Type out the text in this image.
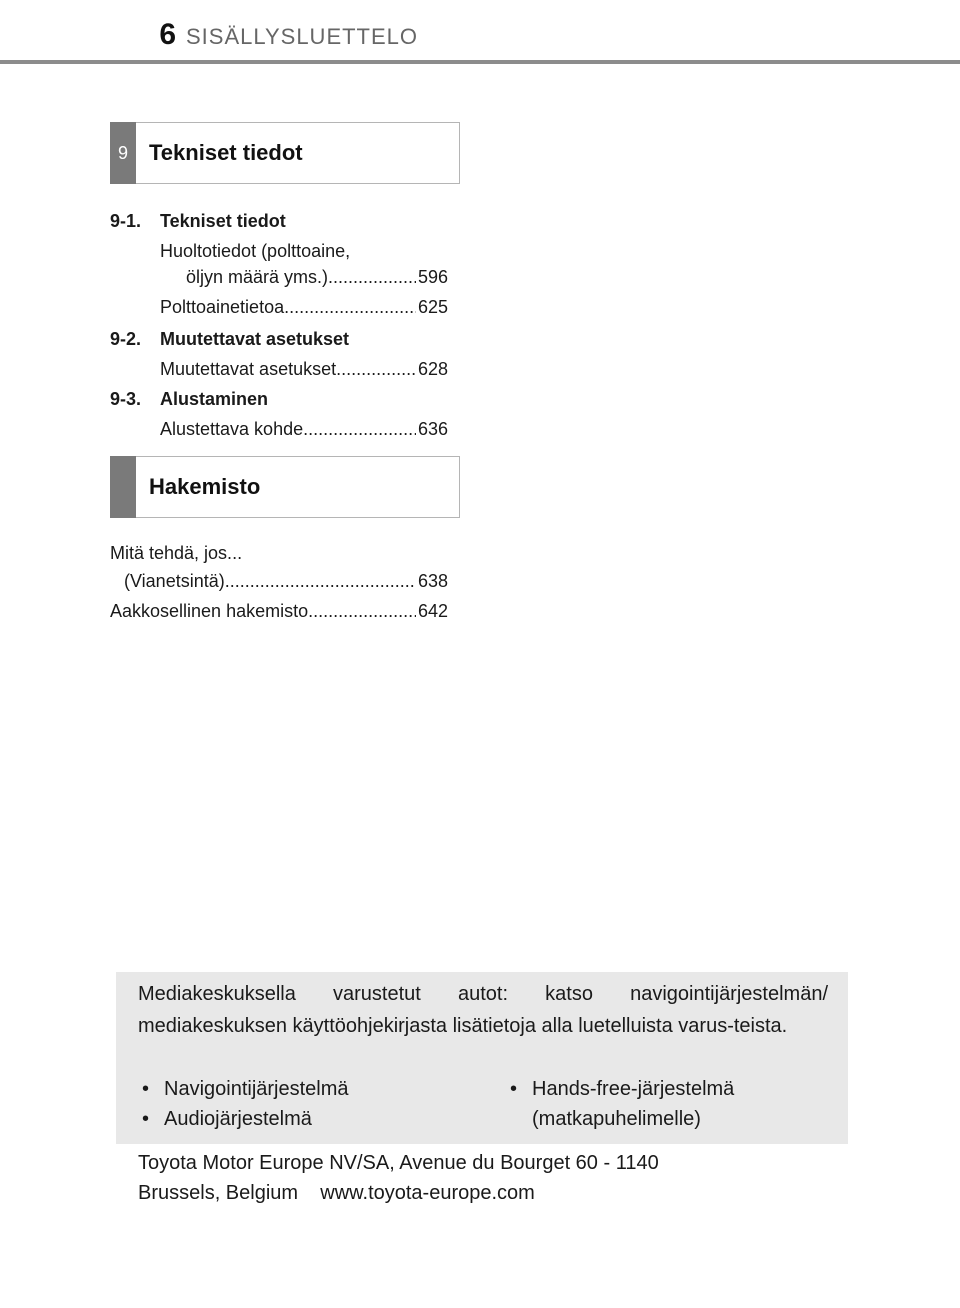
6 SISÄLLYSLUETTELO
9 Tekniset tiedot
9-1. Tekniset tiedot
Huoltotiedot (polttoaine,
öljyn määrä yms.) .....	596
Polttoainetietoa .....	625
9-2. Muutettavat asetukset
Muutettavat asetukset .....	628
9-3. Alustaminen
Alustettava kohde .....	636
Hakemisto
Mitä tehdä, jos...
(Vianetsintä) .....	638
Aakkosellinen hakemisto .....	642
Mediakeskuksella varustetut autot: katso navigointijärjestelmän/ mediakeskuksen käyttöohjekirjasta lisätietoja alla luetelluista varus-teista.
• Navigointijärjestelmä
• Audiojärjestelmä
• Hands-free-järjestelmä
(matkapuhelimelle)
Toyota Motor Europe NV/SA, Avenue du Bourget 60 - 1140
Brussels, Belgium    www.toyota-europe.com
